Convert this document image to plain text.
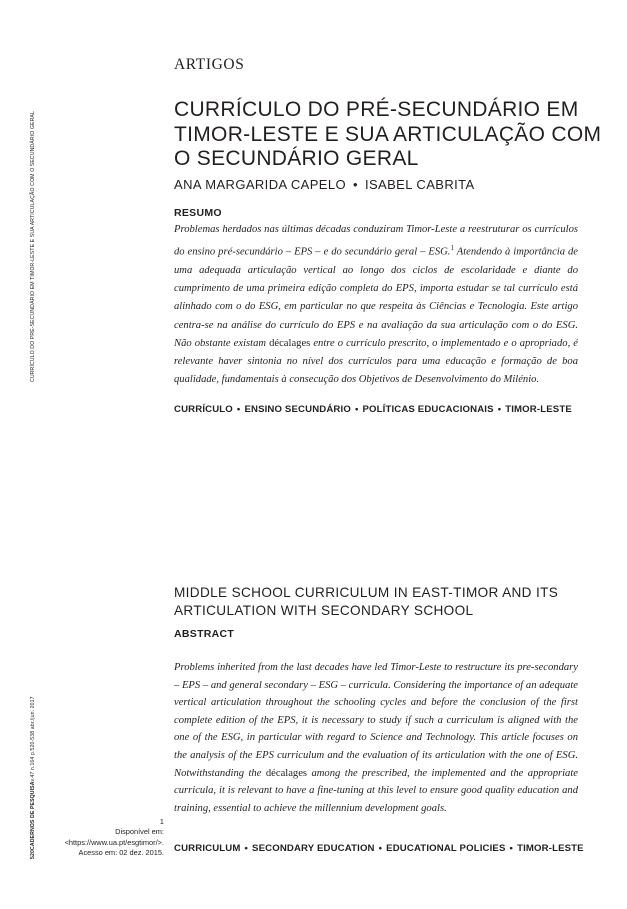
ARTIGOS
CURRÍCULO DO PRÉ-SECUNDÁRIO EM TIMOR-LESTE E SUA ARTICULAÇÃO COM O SECUNDÁRIO GERAL
ANA MARGARIDA CAPELO • ISABEL CABRITA
RESUMO

Problemas herdados nas últimas décadas conduziram Timor-Leste a reestruturar os currículos do ensino pré-secundário – EPS – e do secundário geral – ESG.$^1$ Atendendo à importância de uma adequada articulação vertical ao longo dos ciclos de escolaridade e diante do cumprimento de uma primeira edição completa do EPS, importa estudar se tal currículo está alinhado com o do ESG, em particular no que respeita às Ciências e Tecnologia. Este artigo centra-se na análise do currículo do EPS e na avaliação da sua articulação com o do ESG. Não obstante existam décalages entre o currículo prescrito, o implementado e o apropriado, é relevante haver sintonia no nível dos currículos para uma educação e formação de boa qualidade, fundamentais à consecução dos Objetivos de Desenvolvimento do Milénio.

CURRÍCULO • ENSINO SECUNDÁRIO • POLÍTICAS EDUCACIONAIS • TIMOR-LESTE
MIDDLE SCHOOL CURRICULUM IN EAST-TIMOR AND ITS ARTICULATION WITH SECONDARY SCHOOL
ABSTRACT

Problems inherited from the last decades have led Timor-Leste to restructure its pre-secondary – EPS – and general secondary – ESG – curricula. Considering the importance of an adequate vertical articulation throughout the schooling cycles and before the conclusion of the first complete edition of the EPS, it is necessary to study if such a curriculum is aligned with the one of the ESG, in particular with regard to Science and Technology. This article focuses on the analysis of the EPS curriculum and the evaluation of its articulation with the one of ESG. Notwithstanding the décalages among the prescribed, the implemented and the appropriate curricula, it is relevant to have a fine-tuning at this level to ensure good quality education and training, essential to achieve the millennium development goals.

CURRICULUM • SECONDARY EDUCATION • EDUCATIONAL POLICIES • TIMOR-LESTE
CURRÍCULO DO PRÉ-SECUNDÁRIO EM TIMOR-LESTE E SUA ARTICULAÇÃO COM O SECUNDÁRIO GERAL
520CADERNOS DE PESQUISAv.47 n.164 p.520-538 abr./jun. 2017
1
Disponível em: <https://www.ua.pt/esgtimor/>. Acesso em: 02 dez. 2015.
